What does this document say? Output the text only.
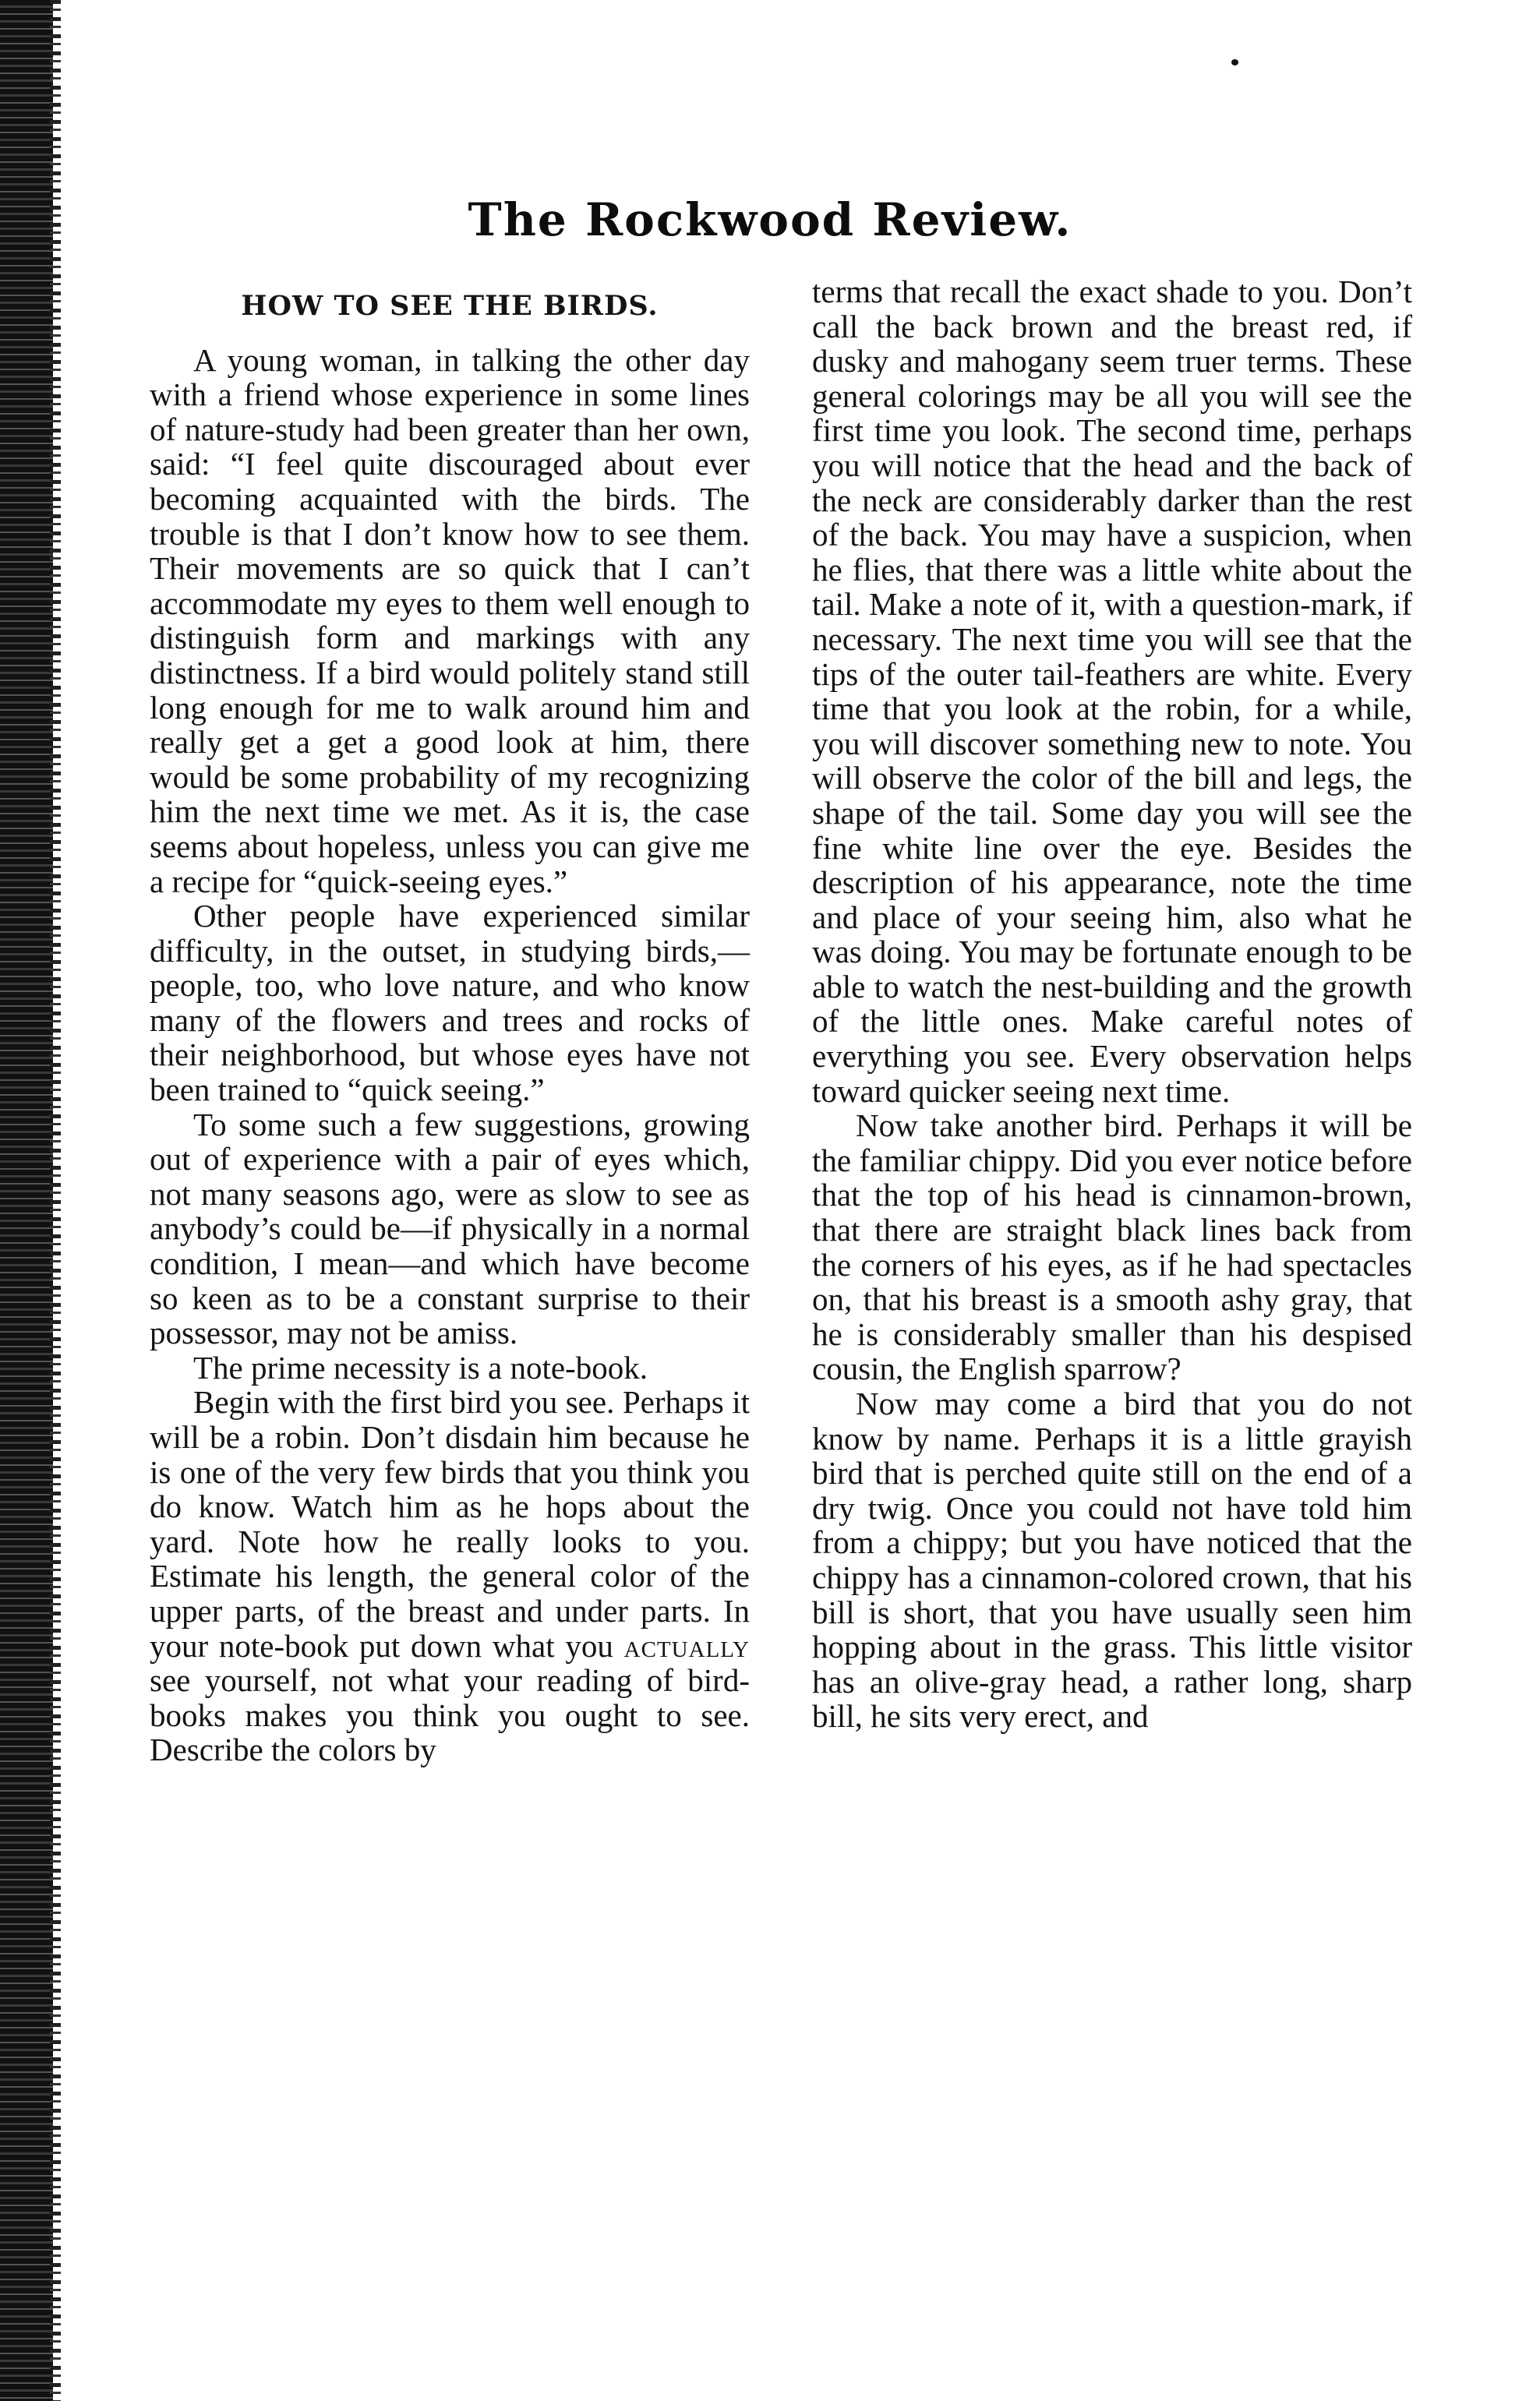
The Rockwood Review.
HOW TO SEE THE BIRDS.

A young woman, in talking the other day with a friend whose experience in some lines of nature-study had been greater than her own, said: “I feel quite discouraged about ever becoming acquainted with the birds. The trouble is that I don’t know how to see them. Their movements are so quick that I can’t accommodate my eyes to them well enough to distinguish form and markings with any distinctness. If a bird would politely stand still long enough for me to walk around him and really get a get a good look at him, there would be some probability of my recognizing him the next time we met. As it is, the case seems about hopeless, unless you can give me a recipe for “quick-seeing eyes.”

Other people have experienced similar difficulty, in the outset, in studying birds,—people, too, who love nature, and who know many of the flowers and trees and rocks of their neighborhood, but whose eyes have not been trained to “quick seeing.”

To some such a few suggestions, growing out of experience with a pair of eyes which, not many seasons ago, were as slow to see as anybody’s could be—if physically in a normal condition, I mean—and which have become so keen as to be a constant surprise to their possessor, may not be amiss.

The prime necessity is a note-book.

Begin with the first bird you see. Perhaps it will be a robin. Don’t disdain him because he is one of the very few birds that you think you do know. Watch him as he hops about the yard. Note how he really looks to you. Estimate his length, the general color of the upper parts, of the breast and under parts. In your note-book put down what you actually see yourself, not what your reading of bird-books makes you think you ought to see. Describe the colors by

terms that recall the exact shade to you. Don’t call the back brown and the breast red, if dusky and mahogany seem truer terms. These general colorings may be all you will see the first time you look. The second time, perhaps you will notice that the head and the back of the neck are considerably darker than the rest of the back. You may have a suspicion, when he flies, that there was a little white about the tail. Make a note of it, with a question-mark, if necessary. The next time you will see that the tips of the outer tail-feathers are white. Every time that you look at the robin, for a while, you will discover something new to note. You will observe the color of the bill and legs, the shape of the tail. Some day you will see the fine white line over the eye. Besides the description of his appearance, note the time and place of your seeing him, also what he was doing. You may be fortunate enough to be able to watch the nest-building and the growth of the little ones. Make careful notes of everything you see. Every observation helps toward quicker seeing next time.

Now take another bird. Perhaps it will be the familiar chippy. Did you ever notice before that the top of his head is cinnamon-brown, that there are straight black lines back from the corners of his eyes, as if he had spectacles on, that his breast is a smooth ashy gray, that he is considerably smaller than his despised cousin, the English sparrow?

Now may come a bird that you do not know by name. Perhaps it is a little grayish bird that is perched quite still on the end of a dry twig. Once you could not have told him from a chippy; but you have noticed that the chippy has a cinnamon-colored crown, that his bill is short, that you have usually seen him hopping about in the grass. This little visitor has an olive-gray head, a rather long, sharp bill, he sits very erect, and
